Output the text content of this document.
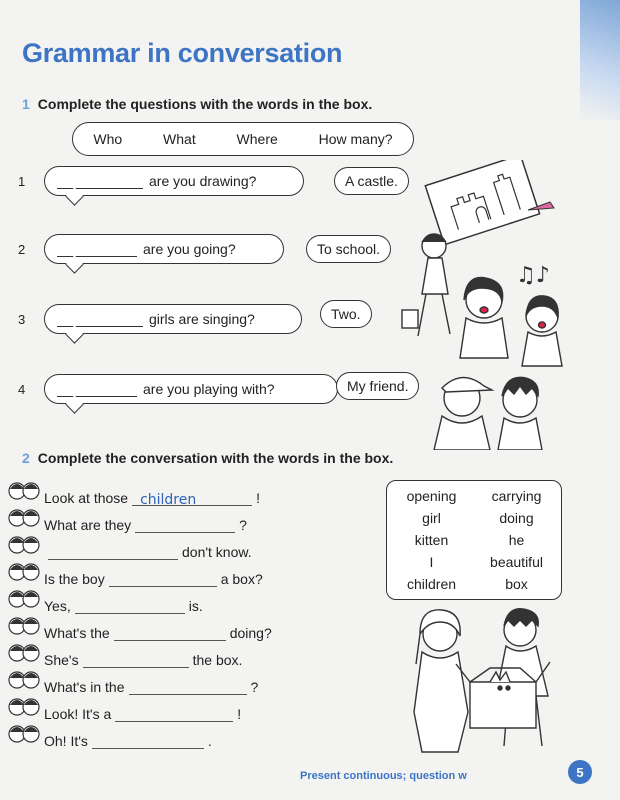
Grammar in conversation
1 Complete the questions with the words in the box.
Who	What	Where	How many?
1	are you drawing?	A castle.
2	are you going?	To school.
3	girls are singing?	Two.
4	are you playing with?	My friend.
♫♪
2 Complete the conversation with the words in the box.
Look at those children	!
What are they	?
don't know.
Is the boy	a box?
Yes,	is.
What's the	doing?
She's	the box.
What's in the	?
Look! It's a	!
Oh! It's	.
opening	carrying
girl	doing
kitten	he
I	beautiful
children	box
Present continuous; question w	5
